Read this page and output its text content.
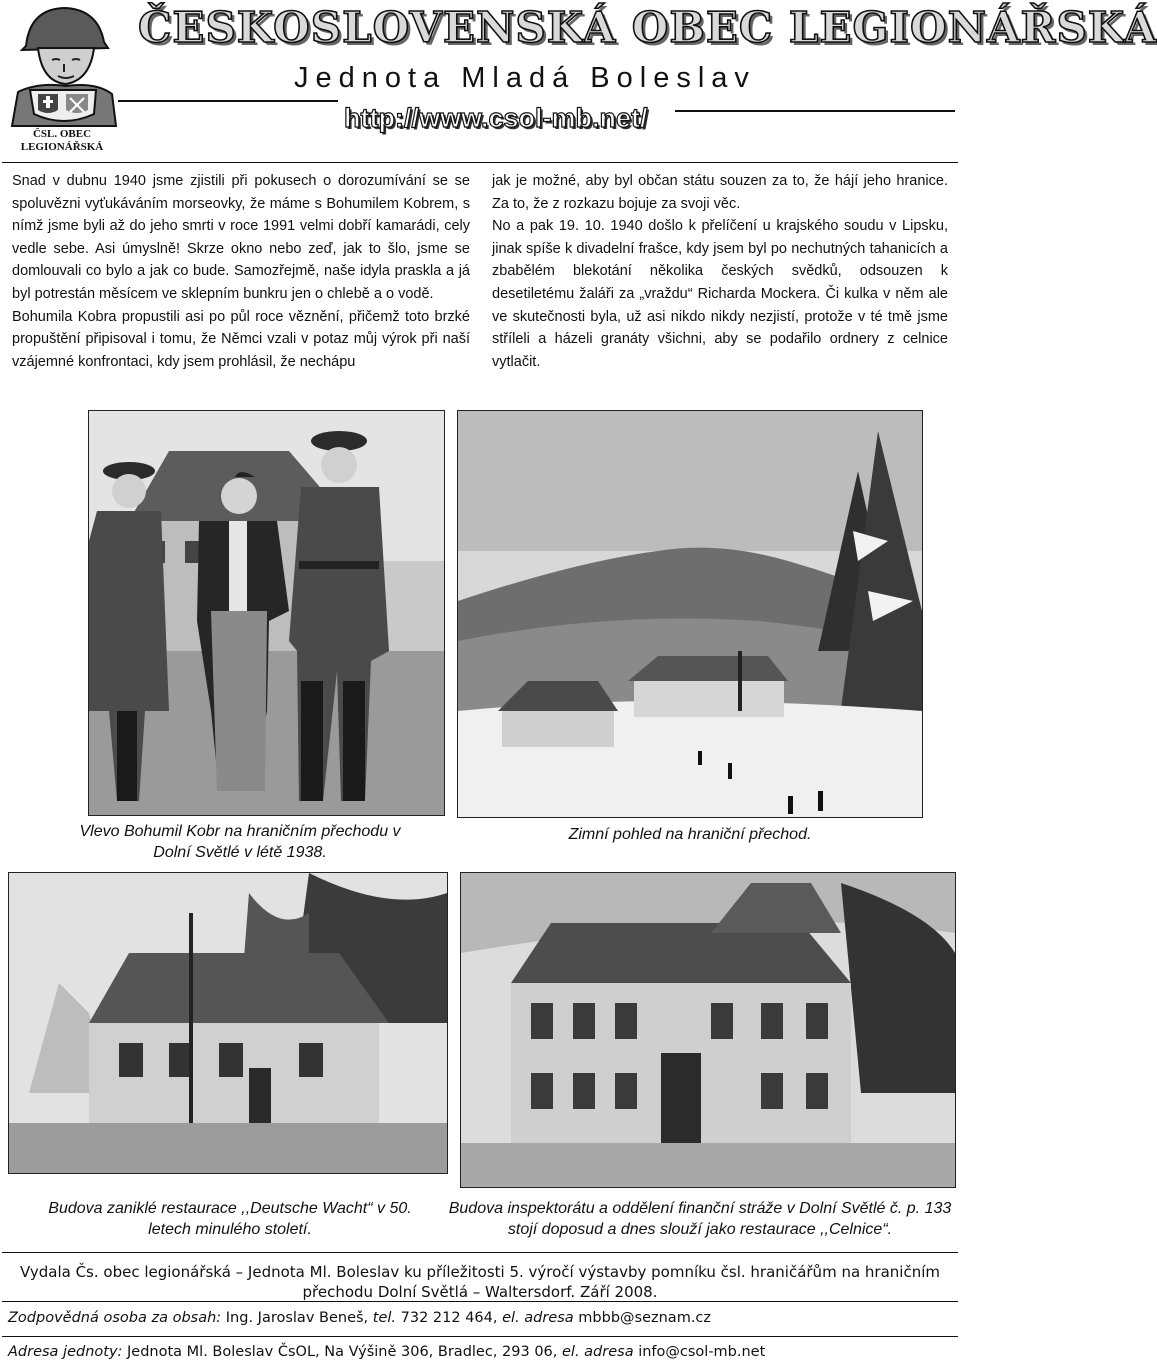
ČSL. OBEC
LEGIONÁŘSKÁ
ČESKOSLOVENSKÁ OBEC LEGIONÁŘSKÁ
Jednota Mladá Boleslav
http://www.csol-mb.net/

Snad v dubnu 1940 jsme zjistili při pokusech o dorozumívání se se spoluvězni vyťukáváním morseovky, že máme s Bohumilem Kobrem, s nímž jsme byli až do jeho smrti v roce 1991 velmi dobří kamarádi, cely vedle sebe. Asi úmyslně! Skrze okno nebo zeď, jak to šlo, jsme se domlouvali co bylo a jak co bude. Samozřejmě, naše idyla praskla a já byl potrestán měsícem ve sklepním bunkru jen o chlebě a o vodě.

Bohumila Kobra propustili asi po půl roce věznění, přičemž toto brzké propuštění připisoval i tomu, že Němci vzali v potaz můj výrok při naší vzájemné konfrontaci, kdy jsem prohlásil, že nechápu

jak je možné, aby byl občan státu souzen za to, že hájí jeho hranice. Za to, že z rozkazu bojuje za svoji věc.

No a pak 19. 10. 1940 došlo k přelíčení u krajského soudu v Lipsku, jinak spíše k divadelní frašce, kdy jsem byl po nechutných tahanicích a zbabělém blekotání několika českých svědků, odsouzen k desetiletému žaláři za „vraždu“ Richarda Mockera. Či kulka v něm ale ve skutečnosti byla, už asi nikdo nikdy nezjistí, protože v té tmě jsme stříleli a házeli granáty všichni, aby se podařilo ordnery z celnice vytlačit.

Vlevo Bohumil Kobr na hraničním přechodu v Dolní Světlé v létě 1938.
Zimní pohled na hraniční přechod.
Budova zaniklé restaurace ,,Deutsche Wacht“ v 50. letech minulého století.
Budova inspektorátu a oddělení finanční stráže v Dolní Světlé č. p. 133 stojí doposud a dnes slouží jako restaurace ,,Celnice“.
Vydala Čs. obec legionářská – Jednota Ml. Boleslav ku příležitosti 5. výročí výstavby pomníku čsl. hraničářům na hraničním přechodu Dolní Světlá – Waltersdorf. Září 2008.
Zodpovědná osoba za obsah: Ing. Jaroslav Beneš, tel. 732 212 464, el. adresa mbbb@seznam.cz
Adresa jednoty: Jednota Ml. Boleslav ČsOL, Na Výšině 306, Bradlec, 293 06, el. adresa info@csol-mb.net
